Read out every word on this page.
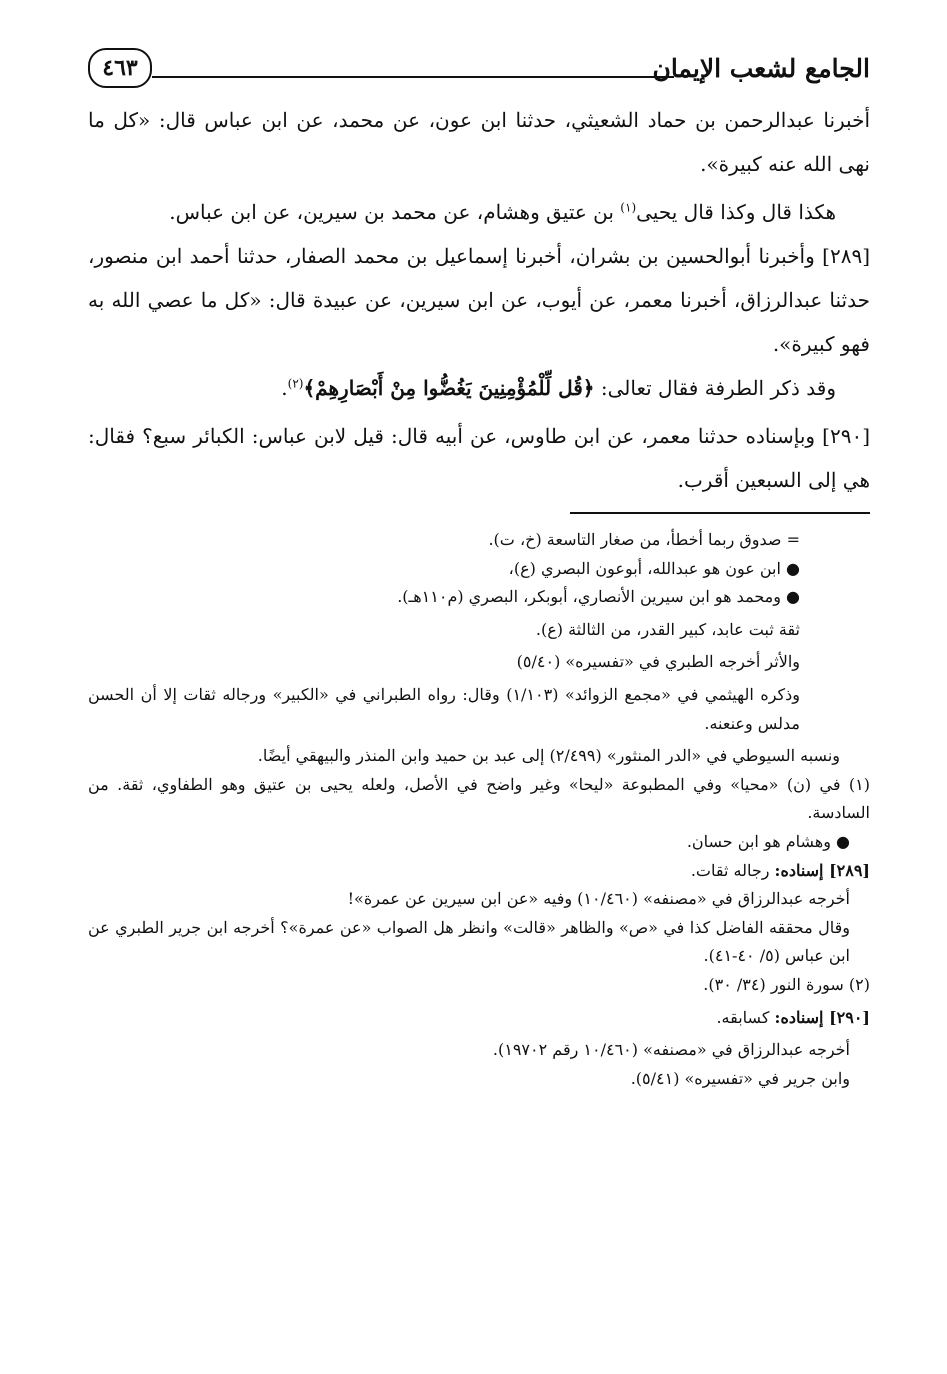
الجامع لشعب الإيمان
٤٦٣

أخبرنا عبدالرحمن بن حماد الشعيثي، حدثنا ابن عون، عن محمد، عن ابن عباس قال: «كل ما نهى الله عنه كبيرة».

هكذا قال وكذا قال يحيى$^{(١)}$ بن عتيق وهشام، عن محمد بن سيرين، عن ابن عباس.

[٢٨٩] وأخبرنا أبوالحسين بن بشران، أخبرنا إسماعيل بن محمد الصفار، حدثنا أحمد ابن منصور، حدثنا عبدالرزاق، أخبرنا معمر، عن أيوب، عن ابن سيرين، عن عبيدة قال: «كل ما عصي الله به فهو كبيرة».

وقد ذكر الطرفة فقال تعالى: ﴿قُل لِّلْمُؤْمِنِينَ يَغُضُّوا مِنْ أَبْصَارِهِمْ﴾$^{(٢)}$.

[٢٩٠] وبإسناده حدثنا معمر، عن ابن طاوس، عن أبيه قال: قيل لابن عباس: الكبائر سبع؟ فقال: هي إلى السبعين أقرب.

= صدوق ربما أخطأ، من صغار التاسعة (خ، ت).

● ابن عون هو عبدالله، أبوعون البصري (ع)،

● ومحمد هو ابن سيرين الأنصاري، أبوبكر، البصري (م١١٠هـ).

ثقة ثبت عابد، كبير القدر، من الثالثة (ع).

والأثر أخرجه الطبري في «تفسيره» (٥/٤٠)

وذكره الهيثمي في «مجمع الزوائد» (١/١٠٣) وقال: رواه الطبراني في «الكبير» ورجاله ثقات إلا أن الحسن مدلس وعنعنه.

ونسبه السيوطي في «الدر المنثور» (٢/٤٩٩) إلى عبد بن حميد وابن المنذر والبيهقي أيضًا.

(١) في (ن) «محيا» وفي المطبوعة «ليحا» وغير واضح في الأصل، ولعله يحيى بن عتيق وهو الطفاوي، ثقة. من السادسة.

● وهشام هو ابن حسان.

[٢٨٩] إسناده: رجاله ثقات.

أخرجه عبدالرزاق في «مصنفه» (١٠/٤٦٠) وفيه «عن ابن سيرين عن عمرة»!

وقال محققه الفاضل كذا في «ص» والظاهر «قالت» وانظر هل الصواب «عن عمرة»؟ أخرجه ابن جرير الطبري عن ابن عباس (٥/ ٤٠-٤١).

(٢) سورة النور (٣٤/ ٣٠).

[٢٩٠] إسناده: كسابقه.

أخرجه عبدالرزاق في «مصنفه» (١٠/٤٦٠ رقم ١٩٧٠٢).

وابن جرير في «تفسيره» (٥/٤١).
